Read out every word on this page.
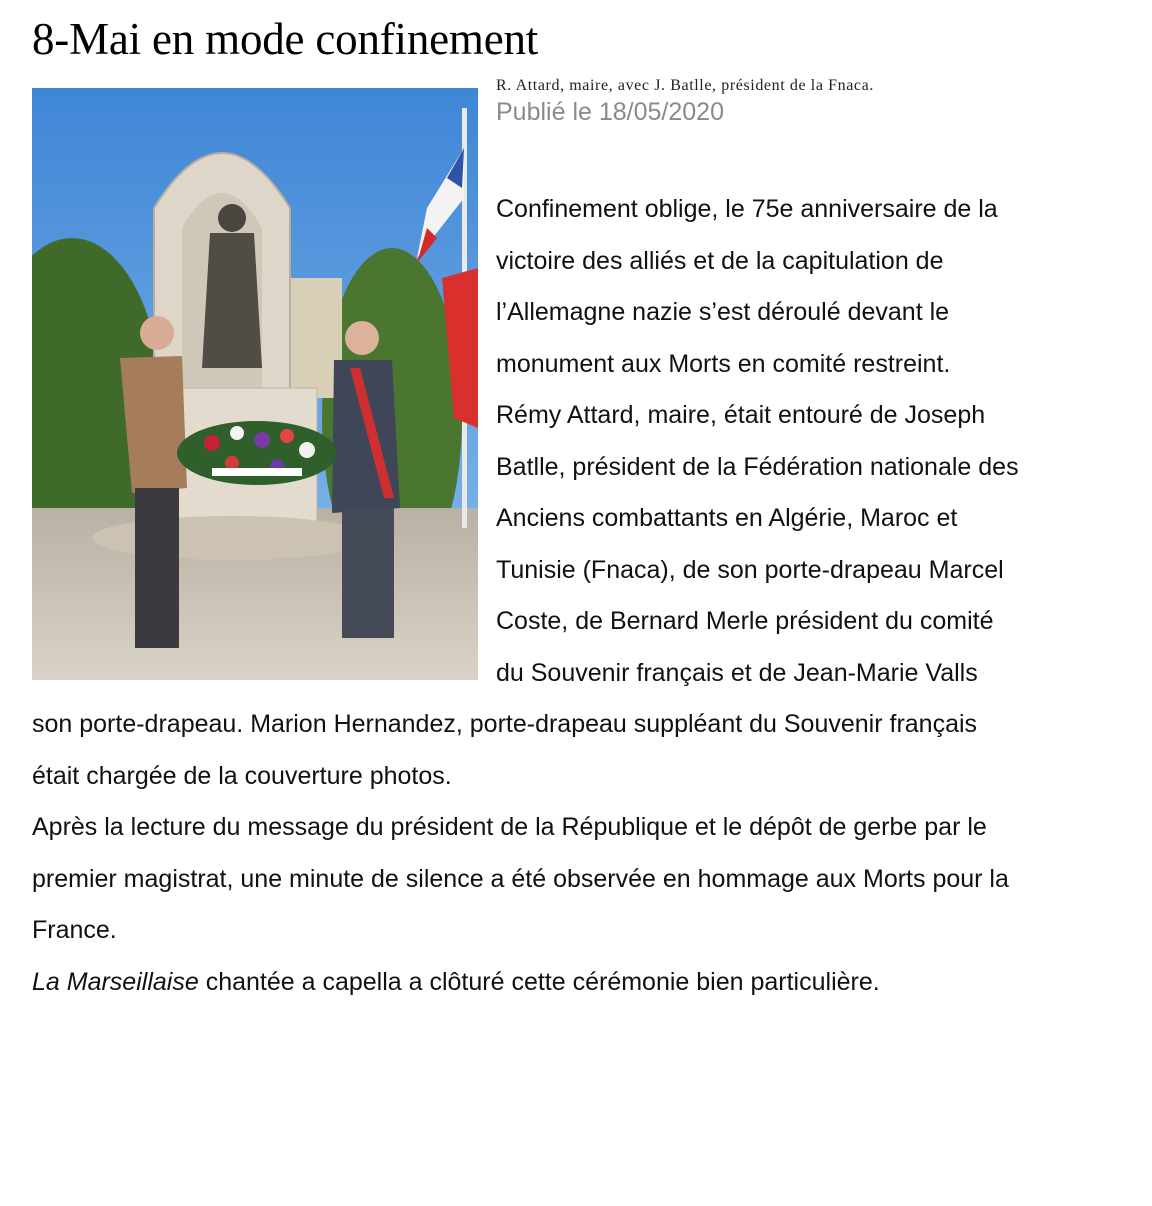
8-Mai en mode confinement

R. Attard, maire, avec J. Batlle, président de la Fnaca.

Publié le 18/05/2020

Confinement oblige, le 75e anniversaire de la victoire des alliés et de la capitulation de l’Allemagne nazie s’est déroulé devant le monument aux Morts en comité restreint.

Rémy Attard, maire, était entouré de Joseph Batlle, président de la Fédération nationale des Anciens combattants en Algérie, Maroc et Tunisie (Fnaca), de son porte-drapeau Marcel Coste, de Bernard Merle président du comité du Souvenir français et de Jean-Marie Valls son porte-drapeau. Marion Hernandez, porte-drapeau suppléant du Souvenir français était chargée de la couverture photos.

Après la lecture du message du président de la République et le dépôt de gerbe par le premier magistrat, une minute de silence a été observée en hommage aux Morts pour la France.

La Marseillaise chantée a capella a clôturé cette cérémonie bien particulière.
